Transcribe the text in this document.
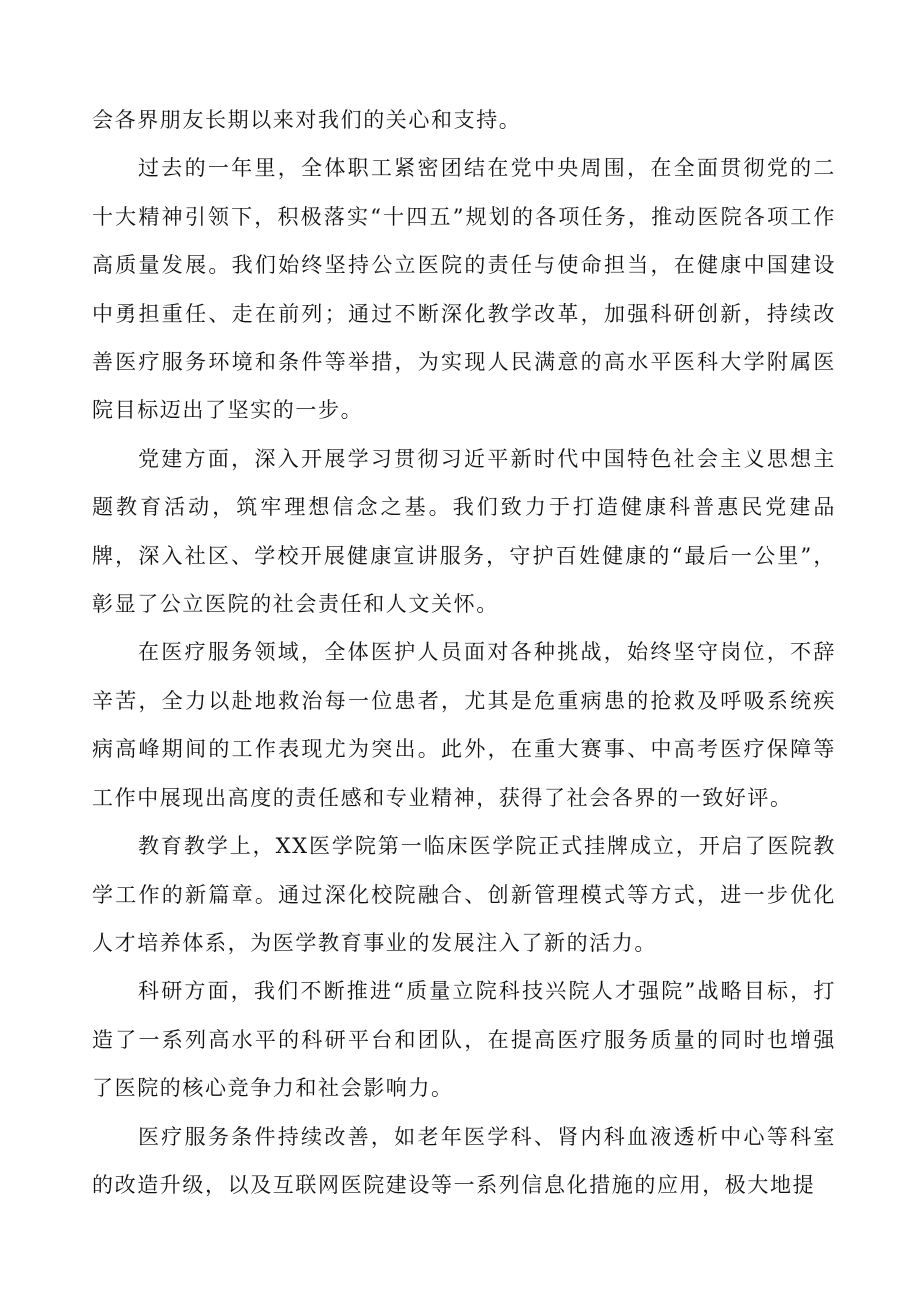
会各界朋友长期以来对我们的关心和支持。

过去的一年里，全体职工紧密团结在党中央周围，在全面贯彻党的二十大精神引领下，积极落实“十四五”规划的各项任务，推动医院各项工作高质量发展。我们始终坚持公立医院的责任与使命担当，在健康中国建设中勇担重任、走在前列；通过不断深化教学改革，加强科研创新，持续改善医疗服务环境和条件等举措，为实现人民满意的高水平医科大学附属医院目标迈出了坚实的一步。

党建方面，深入开展学习贯彻习近平新时代中国特色社会主义思想主题教育活动，筑牢理想信念之基。我们致力于打造健康科普惠民党建品牌，深入社区、学校开展健康宣讲服务，守护百姓健康的“最后一公里”，彰显了公立医院的社会责任和人文关怀。

在医疗服务领域，全体医护人员面对各种挑战，始终坚守岗位，不辞辛苦，全力以赴地救治每一位患者，尤其是危重病患的抢救及呼吸系统疾病高峰期间的工作表现尤为突出。此外，在重大赛事、中高考医疗保障等工作中展现出高度的责任感和专业精神，获得了社会各界的一致好评。

教育教学上，XX医学院第一临床医学院正式挂牌成立，开启了医院教学工作的新篇章。通过深化校院融合、创新管理模式等方式，进一步优化人才培养体系，为医学教育事业的发展注入了新的活力。

科研方面，我们不断推进“质量立院科技兴院人才强院”战略目标，打造了一系列高水平的科研平台和团队，在提高医疗服务质量的同时也增强了医院的核心竞争力和社会影响力。

医疗服务条件持续改善，如老年医学科、肾内科血液透析中心等科室的改造升级，以及互联网医院建设等一系列信息化措施的应用，极大地提
